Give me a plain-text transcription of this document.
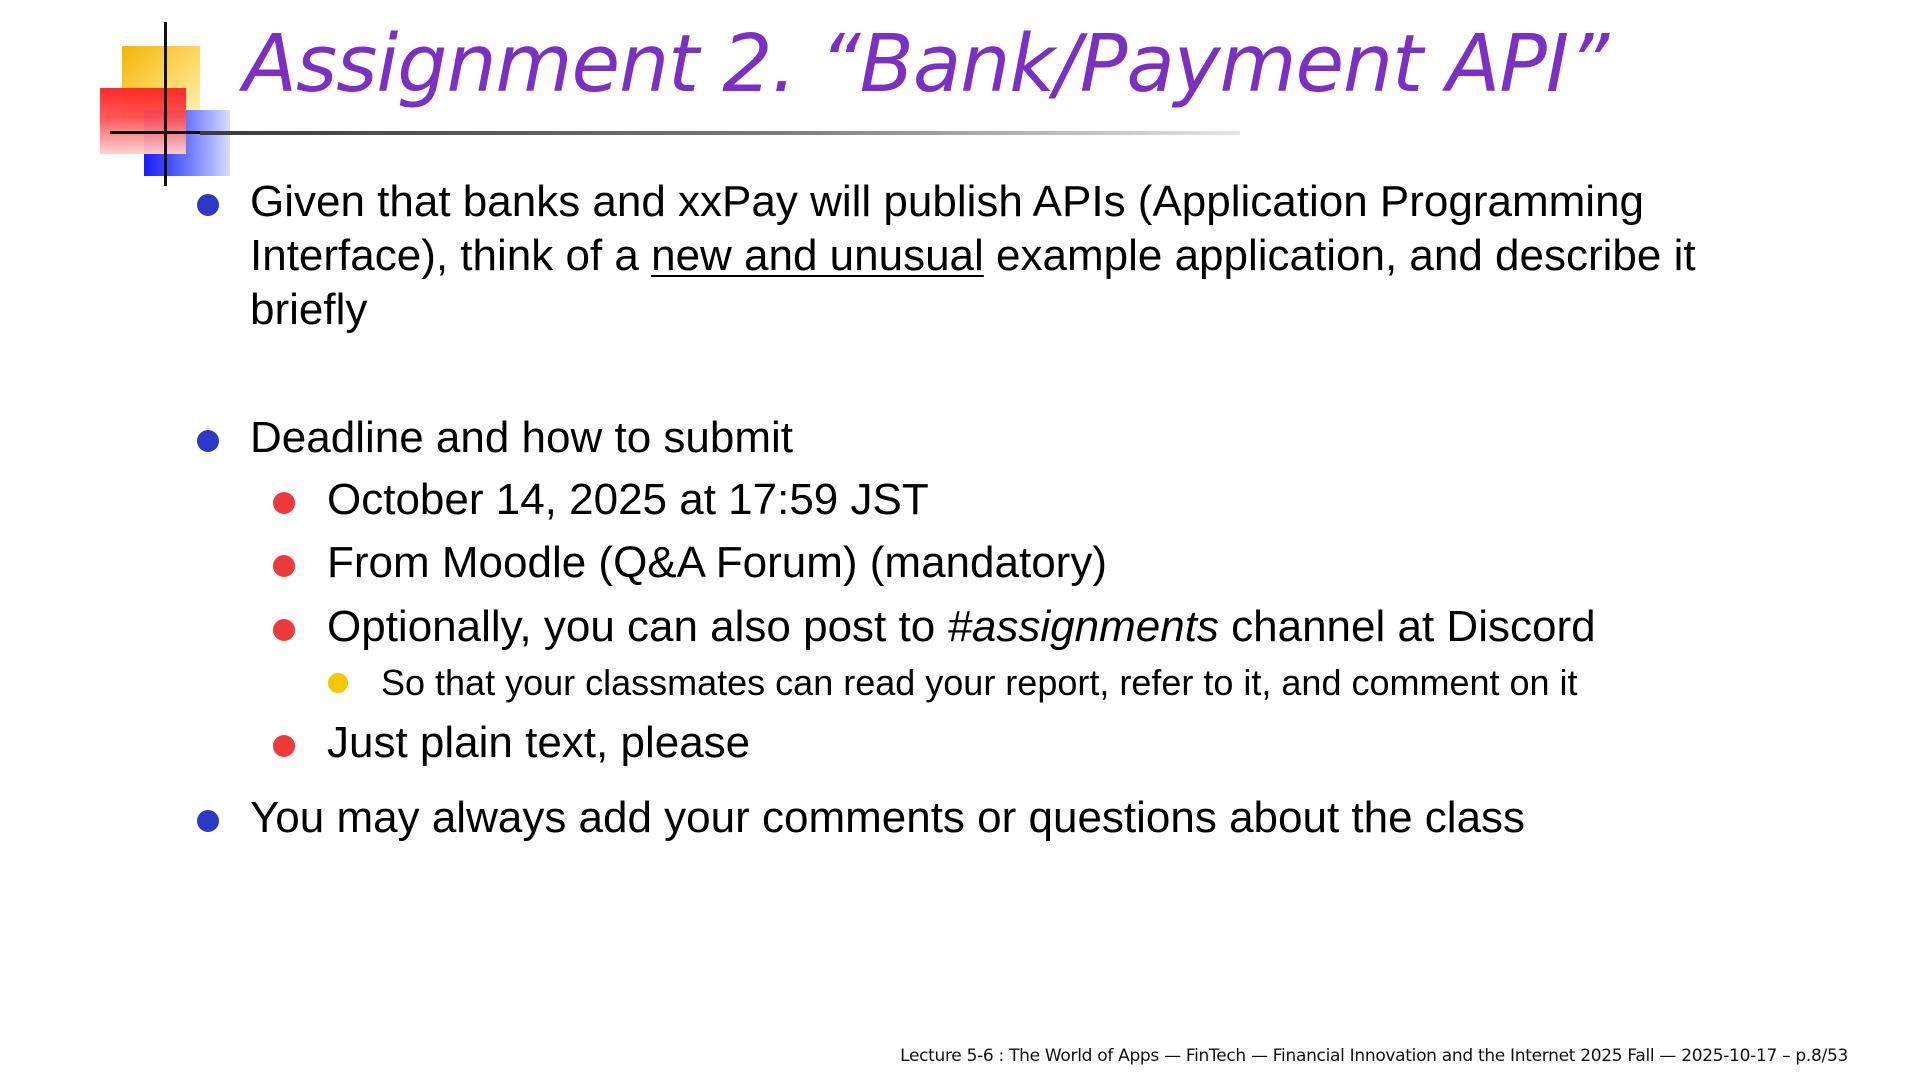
Assignment 2. “Bank/Payment API”
Given that banks and xxPay will publish APIs (Application Programming
Interface), think of a new and unusual example application, and describe it
briefly
Deadline and how to submit
October 14, 2025 at 17:59 JST
From Moodle (Q&A Forum) (mandatory)
Optionally, you can also post to #assignments channel at Discord
So that your classmates can read your report, refer to it, and comment on it
Just plain text, please
You may always add your comments or questions about the class
Lecture 5-6 : The World of Apps — FinTech — Financial Innovation and the Internet 2025 Fall — 2025-10-17 – p.8/53
